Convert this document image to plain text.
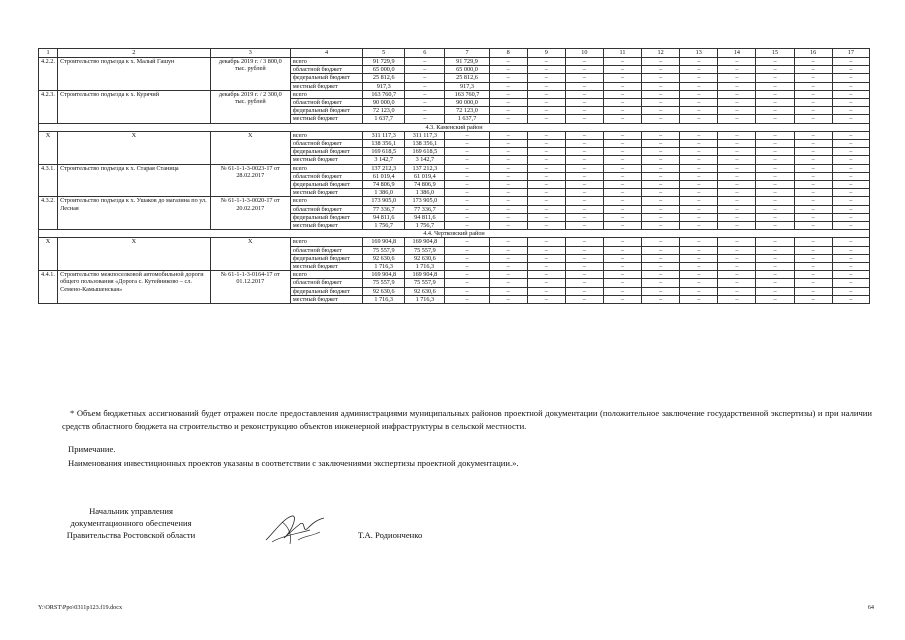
1	2	3	4	5	6	7	8	9	10	11	12	13	14	15	16	17
4.2.2.	Строительство подъезда к х. Малый Гашун	декабрь 2019 г. / 3 800,0 тыс. рублей	всего	91 729,9	–	91 729,9	–	–	–	–	–	–	–	–	–	–
			областной бюджет	65 000,0	–	65 000,0	–	–	–	–	–	–	–	–	–	–
			федеральный бюджет	25 812,6	–	25 812,6	–	–	–	–	–	–	–	–	–	–
			местный бюджет	917,3	–	917,3	–	–	–	–	–	–	–	–	–	–
4.2.3.	Строительство подъезда к х. Курячий	декабрь 2019 г. / 2 300,0 тыс. рублей	всего	163 760,7	–	163 760,7	–	–	–	–	–	–	–	–	–	–
			областной бюджет	90 000,0	–	90 000,0	–	–	–	–	–	–	–	–	–	–
			федеральный бюджет	72 123,0	–	72 123,0	–	–	–	–	–	–	–	–	–	–
			местный бюджет	1 637,7	–	1 637,7	–	–	–	–	–	–	–	–	–	–
4.3. Каменский район																
Х	Х	Х	всего	311 117,3	311 117,3	–	–	–	–	–	–	–	–	–	–	–
			областной бюджет	138 356,1	138 356,1	–	–	–	–	–	–	–	–	–	–	–
			федеральный бюджет	169 618,5	169 618,5	–	–	–	–	–	–	–	–	–	–	–
			местный бюджет	3 142,7	3 142,7	–	–	–	–	–	–	–	–	–	–	–
4.3.1.	Строительство подъезда к х. Старая Станица	№ 61-1-1-3-0023-17 от 28.02.2017	всего	137 212,3	137 212,3	–	–	–	–	–	–	–	–	–	–	–
			областной бюджет	61 019,4	61 019,4	–	–	–	–	–	–	–	–	–	–	–
			федеральный бюджет	74 806,9	74 806,9	–	–	–	–	–	–	–	–	–	–	–
			местный бюджет	1 386,0	1 386,0	–	–	–	–	–	–	–	–	–	–	–
4.3.2.	Строительство подъезда к х. Ушаков до магазина по ул. Лесная	№ 61-1-1-3-0020-17 от 20.02.2017	всего	173 905,0	173 905,0	–	–	–	–	–	–	–	–	–	–	–
			областной бюджет	77 336,7	77 336,7	–	–	–	–	–	–	–	–	–	–	–
			федеральный бюджет	94 811,6	94 811,6	–	–	–	–	–	–	–	–	–	–	–
			местный бюджет	1 756,7	1 756,7	–	–	–	–	–	–	–	–	–	–	–
4.4. Чертковский район																
Х	Х	Х	всего	169 904,8	169 904,8	–	–	–	–	–	–	–	–	–	–	–
			областной бюджет	75 557,9	75 557,9	–	–	–	–	–	–	–	–	–	–	–
			федеральный бюджет	92 630,6	92 630,6	–	–	–	–	–	–	–	–	–	–	–
			местный бюджет	1 716,3	1 716,3	–	–	–	–	–	–	–	–	–	–	–
4.4.1.	Строительство межпоселковой автомобильной дороги общего пользования «Дорога с. Кутейниково – сл. Семено-Камышенская»	№ 61-1-1-3-0164-17 от 01.12.2017	всего	169 904,8	169 904,8	–	–	–	–	–	–	–	–	–	–	–
			областной бюджет	75 557,9	75 557,9	–	–	–	–	–	–	–	–	–	–	–
			федеральный бюджет	92 630,6	92 630,6	–	–	–	–	–	–	–	–	–	–	–
			местный бюджет	1 716,3	1 716,3	–	–	–	–	–	–	–	–	–	–	–
* Объем бюджетных ассигнований будет отражен после предоставления администрациями муниципальных районов проектной документации (положительное заключение государственной экспертизы) и при наличии средств областного бюджета на строительство и реконструкцию объектов инженерной инфраструктуры в сельской местности.
Примечание.
Наименования инвестиционных проектов указаны в соответствии с заключениями экспертизы проектной документации.».
Начальник управления
документационного обеспечения
Правительства Ростовской области	Т.А. Родионченко
Y:\ORST\Ppo\0311p123.f19.docx	64
